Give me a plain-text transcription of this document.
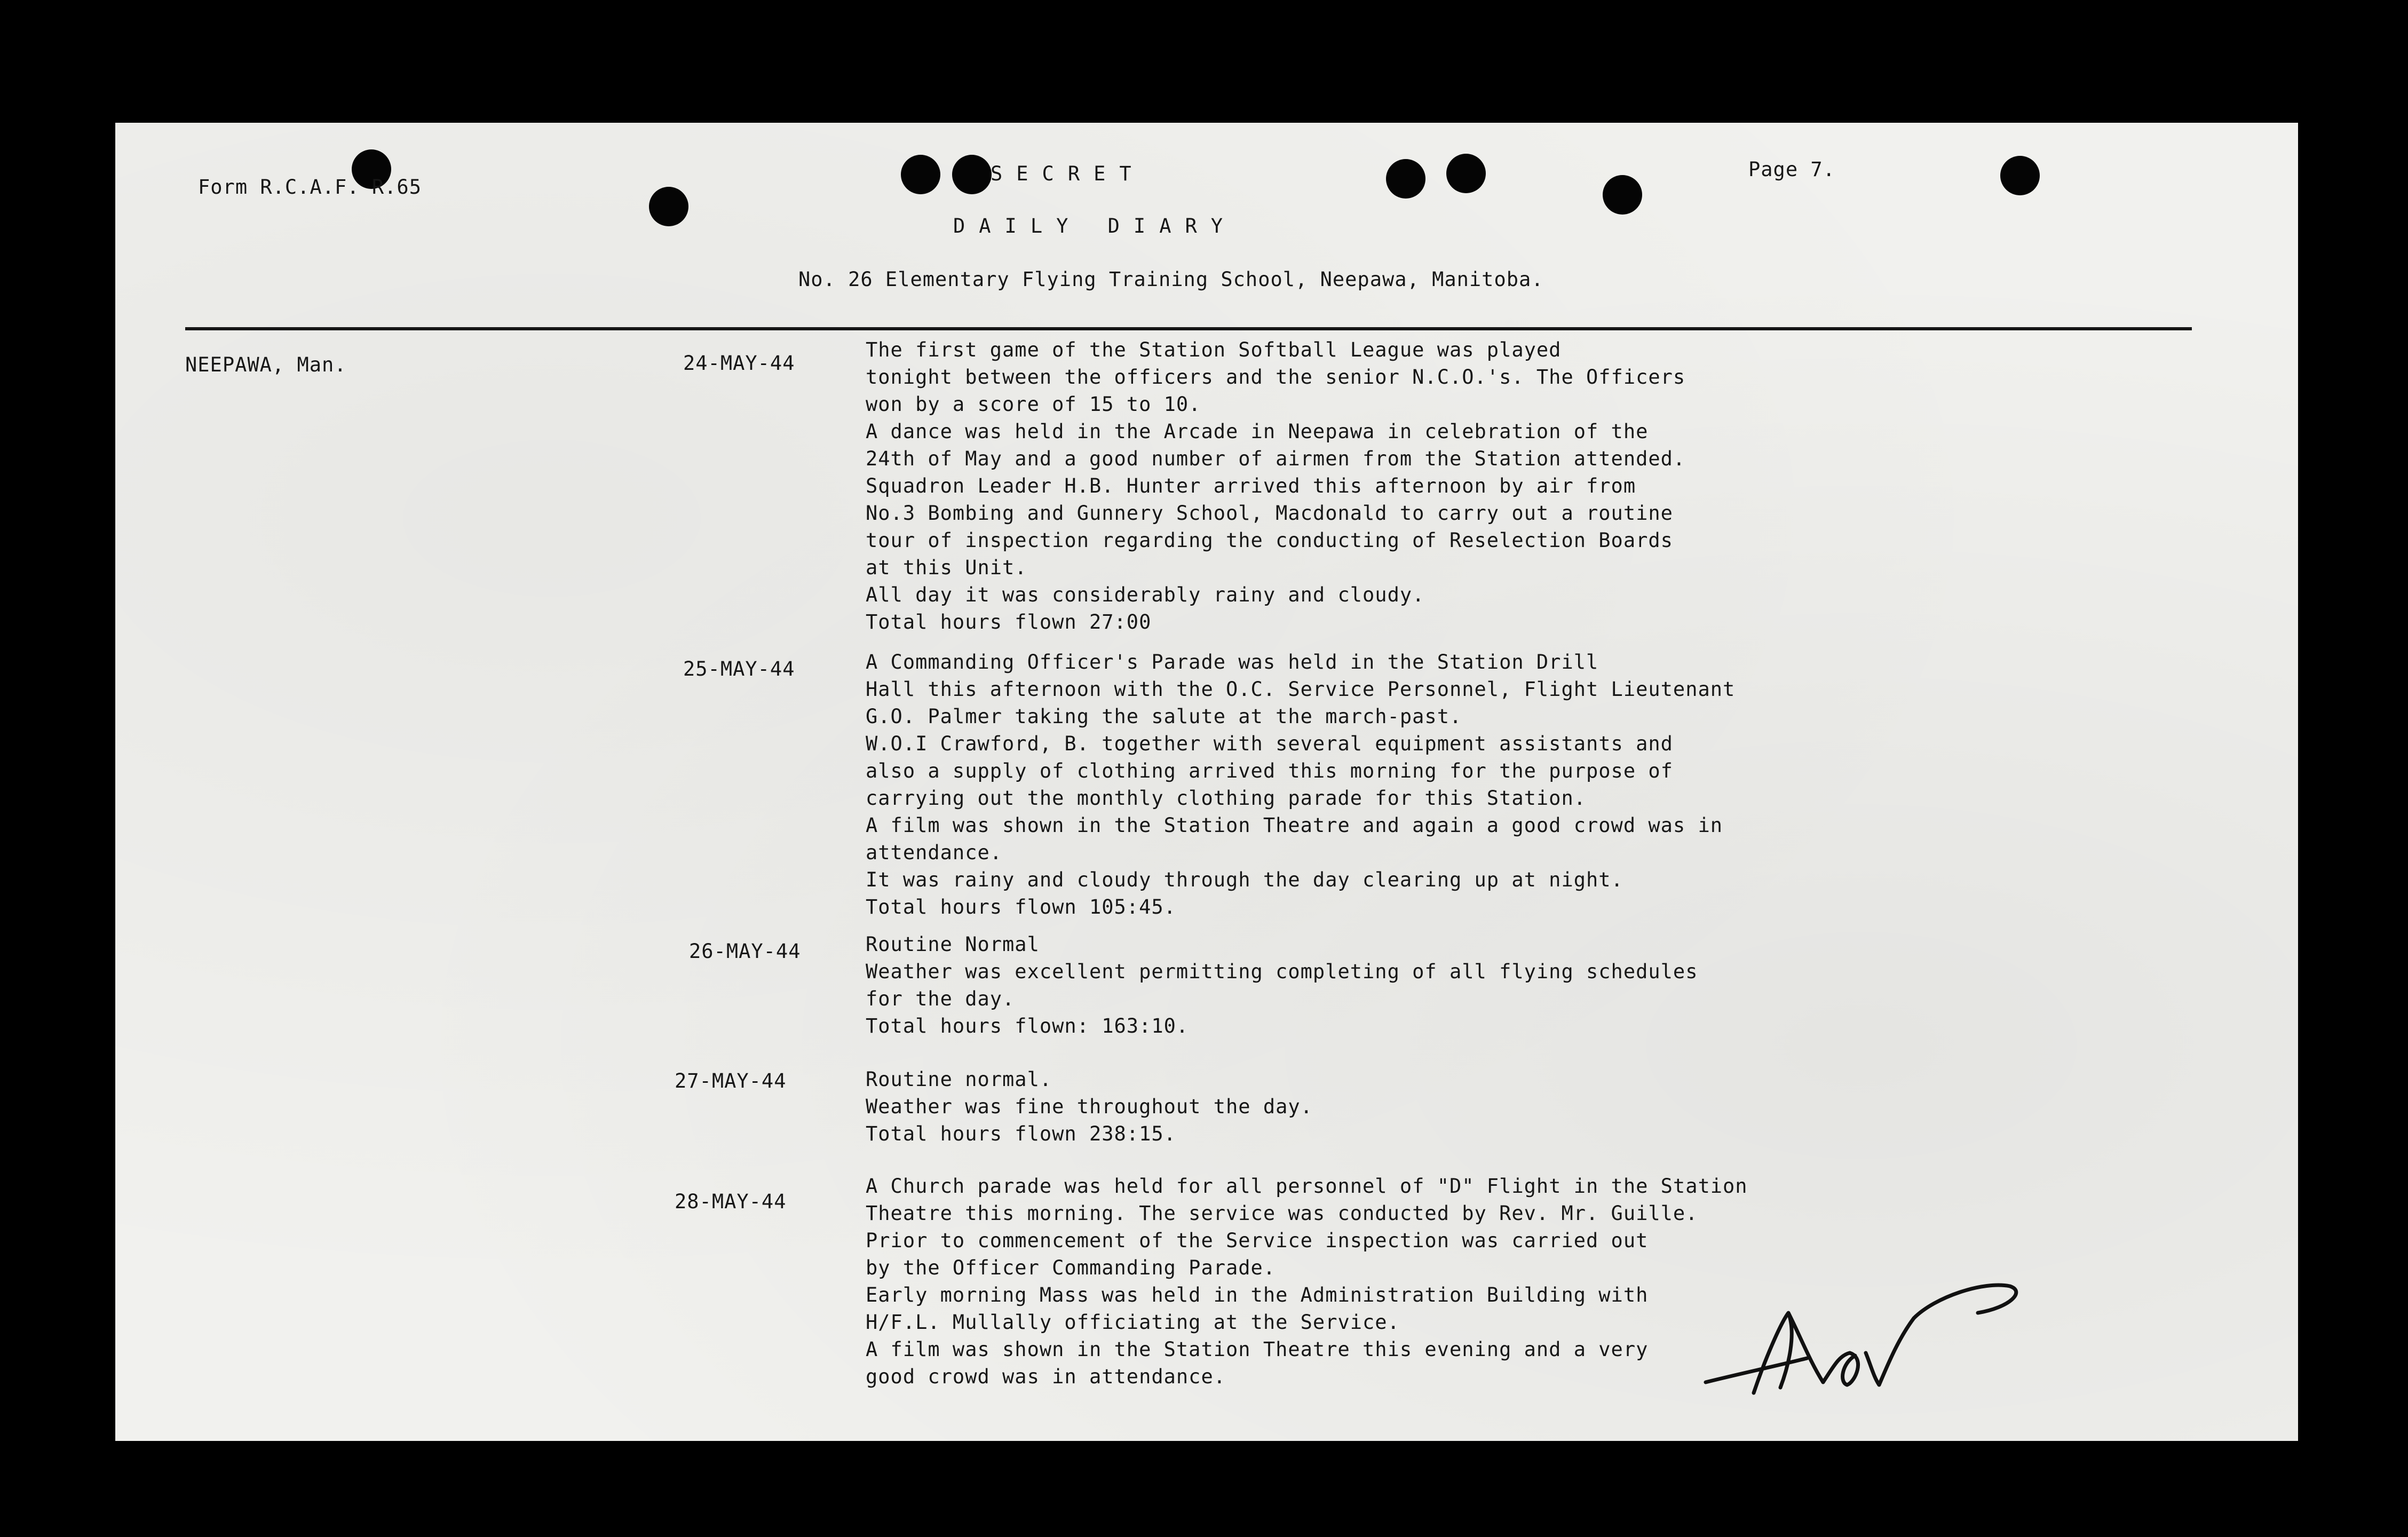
Form R.C.A.F. R.65
SECRET	Page 7.
DAILY DIARY
No. 26 Elementary Flying Training School, Neepawa, Manitoba.
NEEPAWA, Man.	24-MAY-44
The first game of the Station Softball League was played
tonight between the officers and the senior N.C.O.'s. The Officers
won by a score of 15 to 10.
A dance was held in the Arcade in Neepawa in celebration of the
24th of May and a good number of airmen from the Station attended.
Squadron Leader H.B. Hunter arrived this afternoon by air from
No.3 Bombing and Gunnery School, Macdonald to carry out a routine
tour of inspection regarding the conducting of Reselection Boards
at this Unit.
All day it was considerably rainy and cloudy.
Total hours flown 27:00
25-MAY-44	A Commanding Officer's Parade was held in the Station Drill
Hall this afternoon with the O.C. Service Personnel, Flight Lieutenant
G.O. Palmer taking the salute at the march-past.
W.O.I Crawford, B. together with several equipment assistants and
also a supply of clothing arrived this morning for the purpose of
carrying out the monthly clothing parade for this Station.
A film was shown in the Station Theatre and again a good crowd was in
attendance.
It was rainy and cloudy through the day clearing up at night.
Total hours flown 105:45.
26-MAY-44	Routine Normal
Weather was excellent permitting completing of all flying schedules
for the day.
Total hours flown: 163:10.
27-MAY-44	Routine normal.
Weather was fine throughout the day.
Total hours flown 238:15.
28-MAY-44
A Church parade was held for all personnel of "D" Flight in the Station
Theatre this morning. The service was conducted by Rev. Mr. Guille.
Prior to commencement of the Service inspection was carried out
by the Officer Commanding Parade.
Early morning Mass was held in the Administration Building with
H/F.L. Mullally officiating at the Service.
A film was shown in the Station Theatre this evening and a very
good crowd was in attendance.
